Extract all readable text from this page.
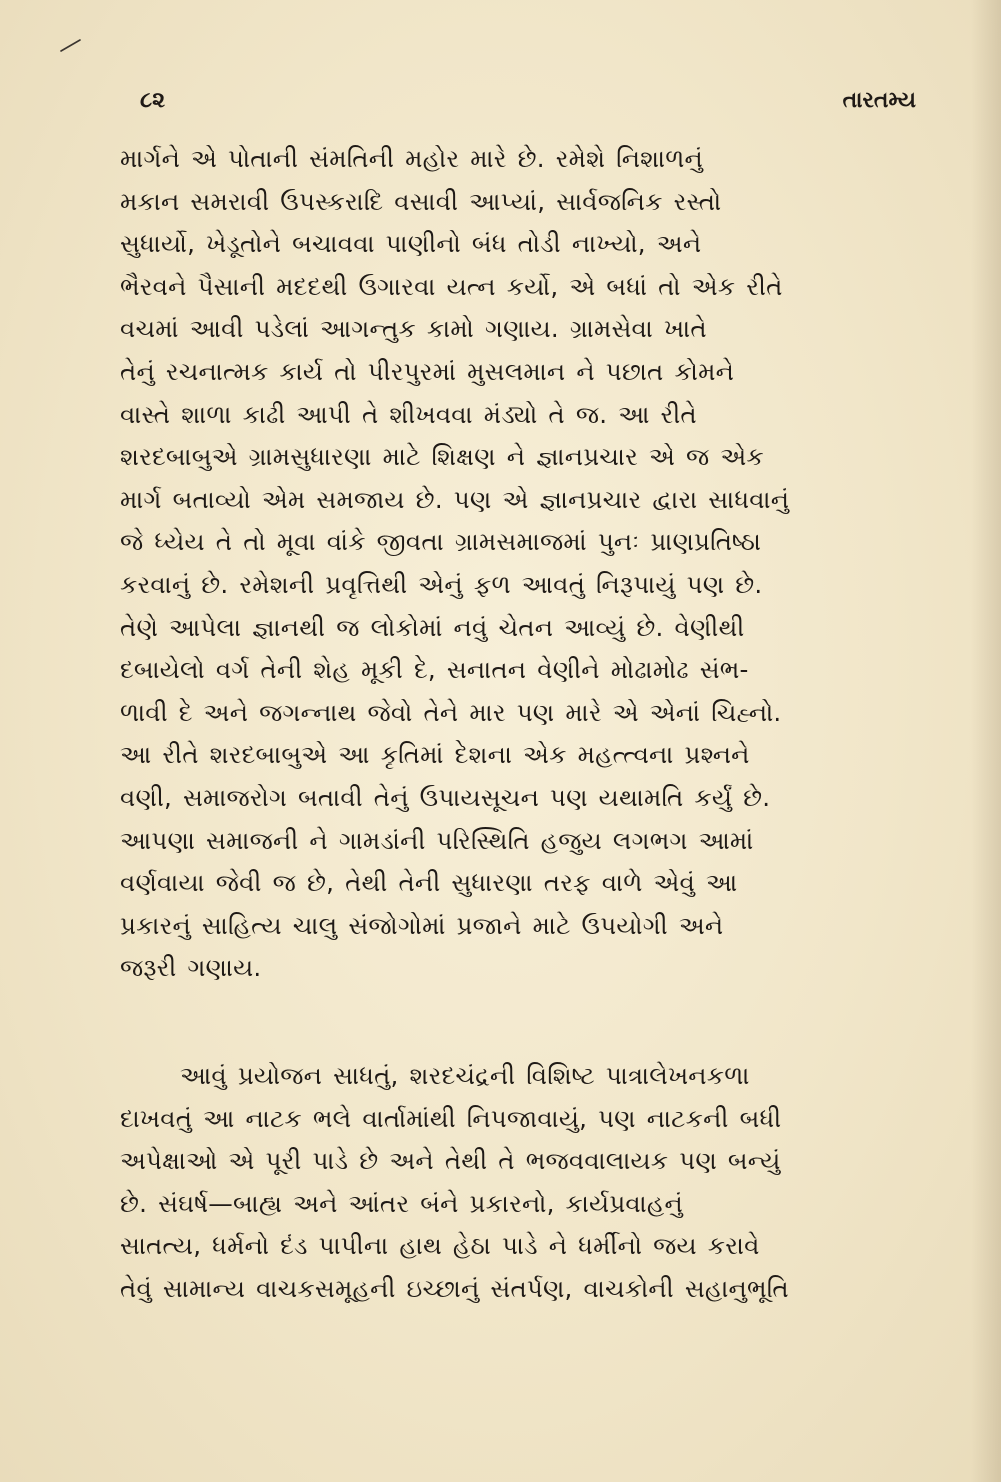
૮૨	તારતમ્ય
માર્ગને એ પોતાની સંમતિની મહોર મારે છે. રમેશે નિશાળનું
મકાન સમરાવી ઉપસ્કરાદિ વસાવી આપ્યાં, સાર્વજનિક રસ્તો
સુધાર્યો, ખેડૂતોને બચાવવા પાણીનો બંધ તોડી નાખ્યો, અને
ભૈરવને પૈસાની મદદથી ઉગારવા યત્ન કર્યો, એ બધાં તો એક રીતે
વચમાં આવી પડેલાં આગન્તુક કામો ગણાય. ગ્રામસેવા ખાતે
તેનું રચનાત્મક કાર્ય તો પીરપુરમાં મુસલમાન ને પછાત કોમને
વાસ્તે શાળા કાઢી આપી તે શીખવવા મંડ્યો તે જ. આ રીતે
શરદબાબુએ ગ્રામસુધારણા માટે શિક્ષણ ને જ્ઞાનપ્રચાર એ જ એક
માર્ગ બતાવ્યો એમ સમજાય છે. પણ એ જ્ઞાનપ્રચાર દ્વારા સાધવાનું
જે ધ્યેય તે તો મૂવા વાંકે જીવતા ગ્રામસમાજમાં પુનઃ પ્રાણપ્રતિષ્ઠા
કરવાનું છે. રમેશની પ્રવૃત્તિથી એનું ફળ આવતું નિરૂપાયું પણ છે.
તેણે આપેલા જ્ઞાનથી જ લોકોમાં નવું ચેતન આવ્યું છે. વેણીથી
દબાયેલો વર્ગ તેની શેહ મૂકી દે, સનાતન વેણીને મોઢામોઢ સંભ-
ળાવી દે અને જગન્નાથ જેવો તેને માર પણ મારે એ એનાં ચિહ્નો.
આ રીતે શરદબાબુએ આ કૃતિમાં દેશના એક મહત્ત્વના પ્રશ્નને
વણી, સમાજરોગ બતાવી તેનું ઉપાયસૂચન પણ યથામતિ કર્યું છે.
આપણા સમાજની ને ગામડાંની પરિસ્થિતિ હજુય લગભગ આમાં
વર્ણવાયા જેવી જ છે, તેથી તેની સુધારણા તરફ વાળે એવું આ
પ્રકારનું સાહિત્ય ચાલુ સંજોગોમાં પ્રજાને માટે ઉપયોગી અને
જરૂરી ગણાય.
આવું પ્રયોજન સાધતું, શરદચંદ્રની વિશિષ્ટ પાત્રાલેખનકળા
દાખવતું આ નાટક ભલે વાર્તામાંથી નિપજાવાયું, પણ નાટકની બધી
અપેક્ષાઓ એ પૂરી પાડે છે અને તેથી તે ભજવવાલાયક પણ બન્યું
છે. સંઘર્ષ—બાહ્ય અને આંતર બંને પ્રકારનો, કાર્યપ્રવાહનું
સાતત્ય, ધર્મનો દંડ પાપીના હાથ હેઠા પાડે ને ધર્મીનો જય કરાવે
તેવું સામાન્ય વાચકસમૂહની ઇચ્છાનું સંતર્પણ, વાચકોની સહાનુભૂતિ
